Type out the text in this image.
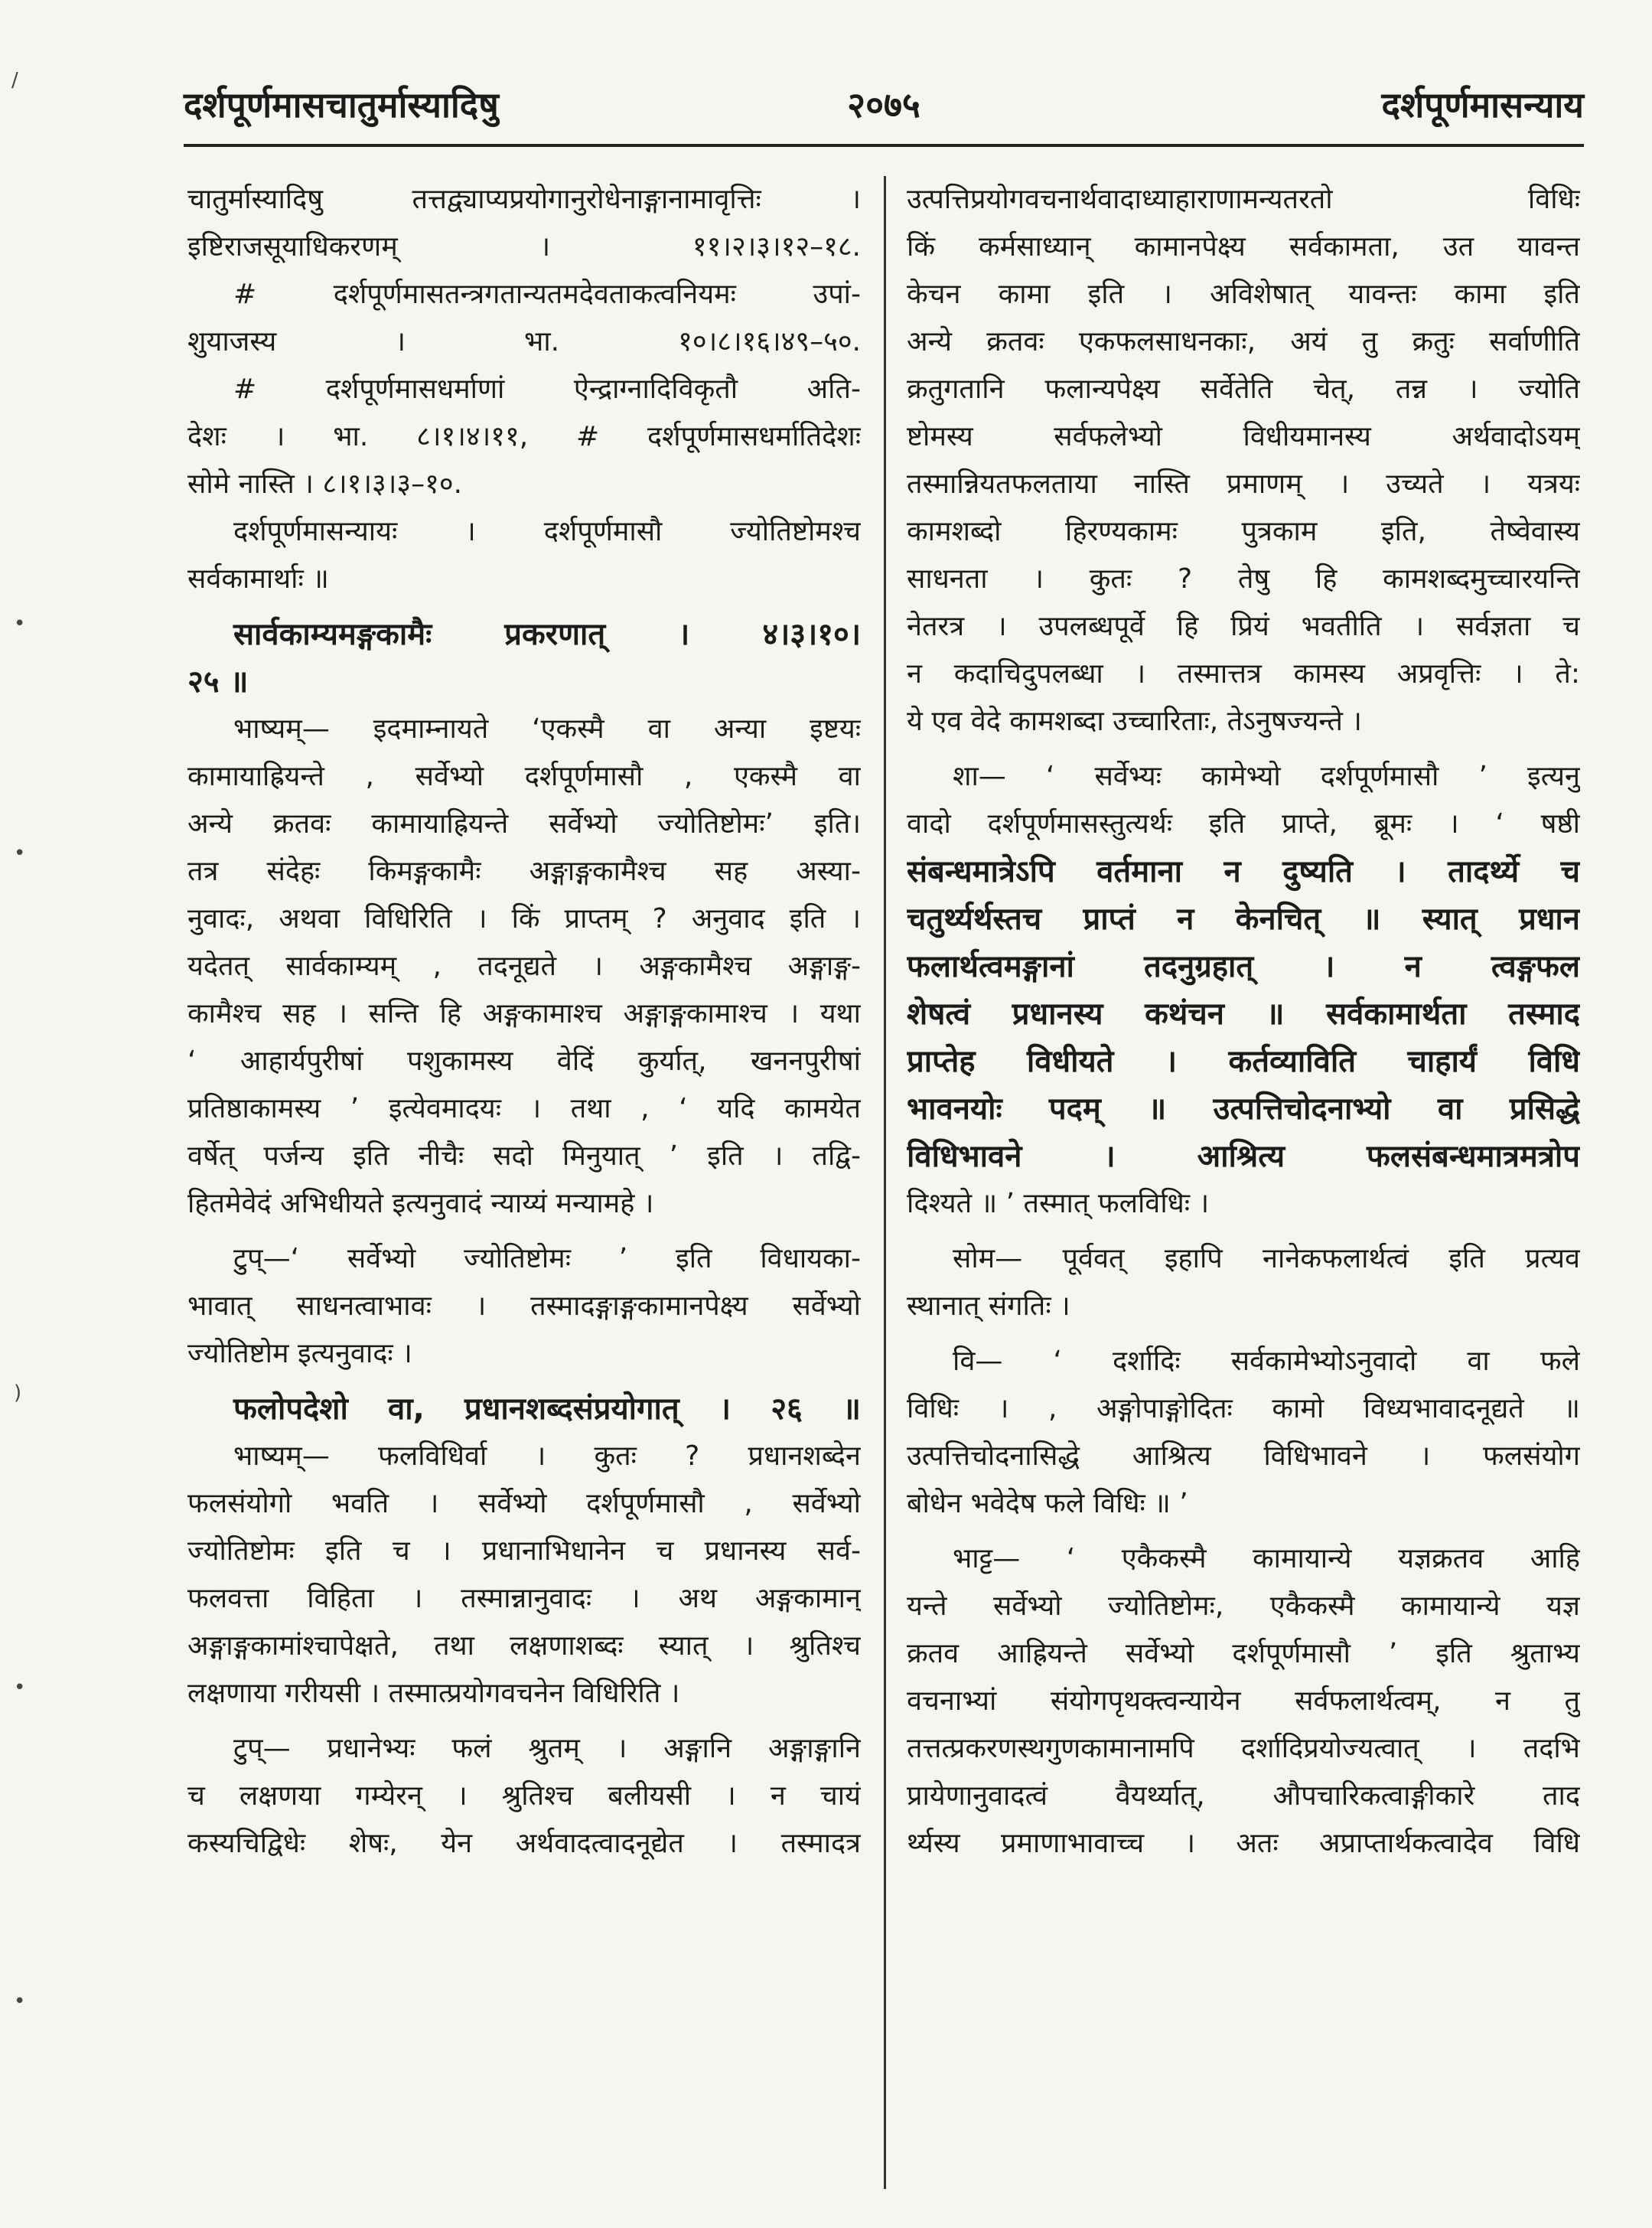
दर्शपूर्णमासचातुर्मास्यादिषु	२०७५	दर्शपूर्णमासन्याय
चातुर्मास्यादिषु तत्तद्व्याप्यप्रयोगानुरोधेनाङ्गानामावृत्तिः ।
इष्टिराजसूयाधिकरणम् । ११।२।३।१२–१८.
# दर्शपूर्णमासतन्त्रगतान्यतमदेवताकत्वनियमः उपां-
शुयाजस्य । भा. १०।८।१६।४९–५०.
# दर्शपूर्णमासधर्माणां ऐन्द्राग्नादिविकृतौ अति-
देशः । भा. ८।१।४।११, # दर्शपूर्णमासधर्मातिदेशः
सोमे नास्ति । ८।१।३।३–१०.
दर्शपूर्णमासन्यायः । दर्शपूर्णमासौ ज्योतिष्टोमश्च
सर्वकामार्थाः ॥
सार्वकाम्यमङ्गकामैः प्रकरणात् । ४।३।१०।
२५ ॥
भाष्यम्— इदमाम्नायते ‘एकस्मै वा अन्या इष्टयः
कामायाह्रियन्ते , सर्वेभ्यो दर्शपूर्णमासौ , एकस्मै वा
अन्ये क्रतवः कामायाह्रियन्ते सर्वेभ्यो ज्योतिष्टोमः’ इति।
तत्र संदेहः किमङ्गकामैः अङ्गाङ्गकामैश्च सह अस्या-
नुवादः, अथवा विधिरिति । किं प्राप्तम् ? अनुवाद इति ।
यदेतत् सार्वकाम्यम् , तदनूद्यते । अङ्गकामैश्च अङ्गाङ्ग-
कामैश्च सह । सन्ति हि अङ्गकामाश्च अङ्गाङ्गकामाश्च । यथा
‘ आहार्यपुरीषां पशुकामस्य वेदिं कुर्यात्, खननपुरीषां
प्रतिष्ठाकामस्य ’ इत्येवमादयः । तथा , ‘ यदि कामयेत
वर्षेत् पर्जन्य इति नीचैः सदो मिनुयात् ’ इति । तद्वि-
हितमेवेदं अभिधीयते इत्यनुवादं न्याय्यं मन्यामहे ।
टुप्—‘ सर्वेभ्यो ज्योतिष्टोमः ’ इति विधायका-
भावात् साधनत्वाभावः । तस्मादङ्गाङ्गकामानपेक्ष्य सर्वेभ्यो
ज्योतिष्टोम इत्यनुवादः ।
फलोपदेशो वा, प्रधानशब्दसंप्रयोगात् । २६ ॥
भाष्यम्— फलविधिर्वा । कुतः ? प्रधानशब्देन
फलसंयोगो भवति । सर्वेभ्यो दर्शपूर्णमासौ , सर्वेभ्यो
ज्योतिष्टोमः इति च । प्रधानाभिधानेन च प्रधानस्य सर्व-
फलवत्ता विहिता । तस्मान्नानुवादः । अथ अङ्गकामान्
अङ्गाङ्गकामांश्चापेक्षते, तथा लक्षणाशब्दः स्यात् । श्रुतिश्च
लक्षणाया गरीयसी । तस्मात्प्रयोगवचनेन विधिरिति ।
टुप्— प्रधानेभ्यः फलं श्रुतम् । अङ्गानि अङ्गाङ्गानि
च लक्षणया गम्येरन् । श्रुतिश्च बलीयसी । न चायं
कस्यचिद्विधेः शेषः, येन अर्थवादत्वादनूद्येत । तस्मादत्र
उत्पत्तिप्रयोगवचनार्थवादाध्याहाराणामन्यतरतो विधिः
किं कर्मसाध्यान् कामानपेक्ष्य सर्वकामता, उत यावन्त
केचन कामा इति । अविशेषात् यावन्तः कामा इति
अन्ये क्रतवः एकफलसाधनकाः, अयं तु क्रतुः सर्वाणीति
क्रतुगतानि फलान्यपेक्ष्य सर्वेतेति चेत्, तन्न । ज्योति
ष्टोमस्य सर्वफलेभ्यो विधीयमानस्य अर्थवादोऽयम्
तस्मान्नियतफलताया नास्ति प्रमाणम् । उच्यते । यत्रयः
कामशब्दो हिरण्यकामः पुत्रकाम इति, तेष्वेवास्य
साधनता । कुतः ? तेषु हि कामशब्दमुच्चारयन्ति
नेतरत्र । उपलब्धपूर्वे हि प्रियं भवतीति । सर्वज्ञता च
न कदाचिदुपलब्धा । तस्मात्तत्र कामस्य अप्रवृत्तिः । ते:
ये एव वेदे कामशब्दा उच्चारिताः, तेऽनुषज्यन्ते ।
शा— ‘ सर्वेभ्यः कामेभ्यो दर्शपूर्णमासौ ’ इत्यनु
वादो दर्शपूर्णमासस्तुत्यर्थः इति प्राप्ते, ब्रूमः । ‘ षष्ठी
संबन्धमात्रेऽपि वर्तमाना न दुष्यति । तादर्थ्ये च
चतुर्थ्यर्थस्तच प्राप्तं न केनचित् ॥ स्यात् प्रधान
फलार्थत्वमङ्गानां तदनुग्रहात् । न त्वङ्गफल
शेषत्वं प्रधानस्य कथंचन ॥ सर्वकामार्थता तस्माद
प्राप्तेह विधीयते । कर्तव्याविति चाहार्यं विधि
भावनयोः पदम् ॥ उत्पत्तिचोदनाभ्यो वा प्रसिद्धे
विधिभावने । आश्रित्य फलसंबन्धमात्रमत्रोप
दिश्यते ॥ ’ तस्मात् फलविधिः ।
सोम— पूर्ववत् इहापि नानेकफलार्थत्वं इति प्रत्यव
स्थानात् संगतिः ।
वि— ‘ दर्शादिः सर्वकामेभ्योऽनुवादो वा फले
विधिः । , अङ्गोपाङ्गोदितः कामो विध्यभावादनूद्यते ॥
उत्पत्तिचोदनासिद्धे आश्रित्य विधिभावने । फलसंयोग
बोधेन भवेदेष फले विधिः ॥ ’
भाट्ट— ‘ एकैकस्मै कामायान्ये यज्ञक्रतव आहि
यन्ते सर्वेभ्यो ज्योतिष्टोमः, एकैकस्मै कामायान्ये यज्ञ
क्रतव आह्रियन्ते सर्वेभ्यो दर्शपूर्णमासौ ’ इति श्रुताभ्य
वचनाभ्यां संयोगपृथक्त्वन्यायेन सर्वफलार्थत्वम्, न तु
तत्तत्प्रकरणस्थगुणकामानामपि दर्शादिप्रयोज्यत्वात् । तदभि
प्रायेणानुवादत्वं वैयर्थ्यात्, औपचारिकत्वाङ्गीकारे ताद
र्थ्यस्य प्रमाणाभावाच्च । अतः अप्राप्तार्थकत्वादेव विधि
/
•
•
)
•
•
